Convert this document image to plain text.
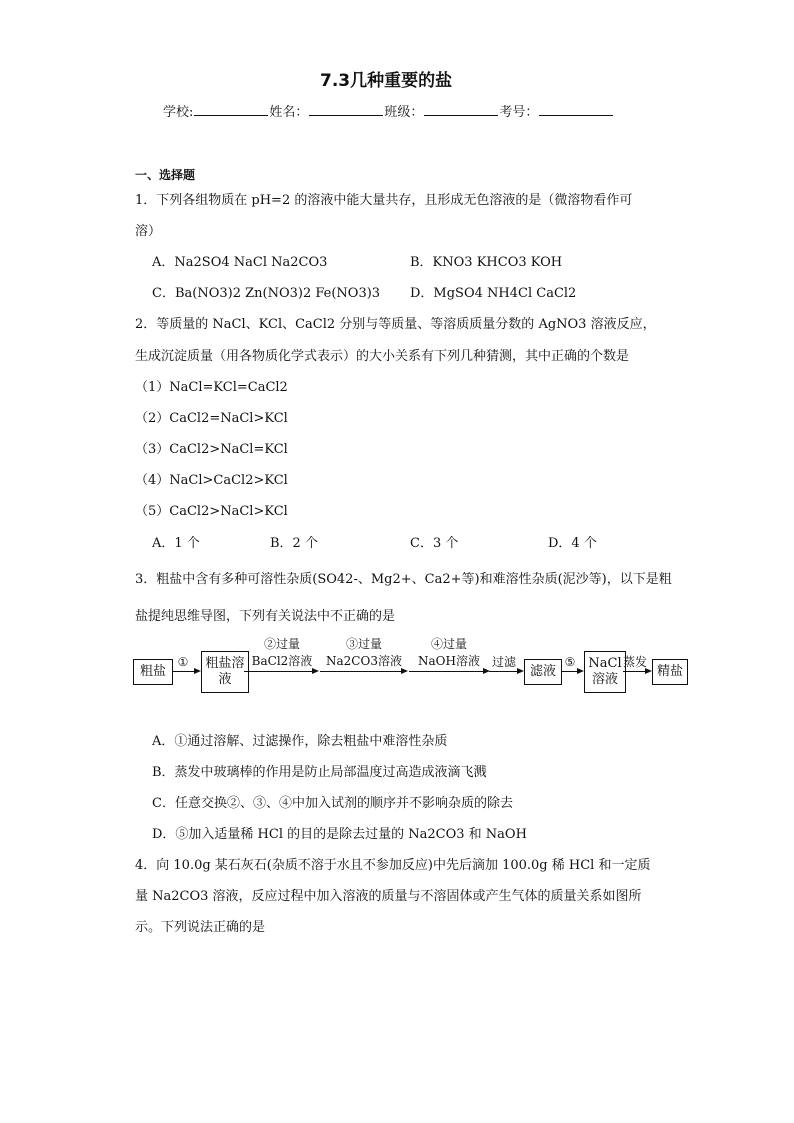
7.3几种重要的盐
学校:	姓名：	班级：	考号：
一、选择题
1．下列各组物质在 pH=2 的溶液中能大量共存，且形成无色溶液的是（微溶物看作可
溶）
A．Na2SO4 NaCl Na2CO3	B．KNO3 KHCO3 KOH
C．Ba(NO3)2 Zn(NO3)2 Fe(NO3)3 D．MgSO4 NH4Cl CaCl2
2．等质量的 NaCl、KCl、CaCl2 分别与等质量、等溶质质量分数的 AgNO3 溶液反应，
生成沉淀质量（用各物质化学式表示）的大小关系有下列几种猜测，其中正确的个数是
（1）NaCl=KCl=CaCl2
（2）CaCl2=NaCl>KCl
（3）CaCl2>NaCl=KCl
（4）NaCl>CaCl2>KCl
（5）CaCl2>NaCl>KCl
A．1 个	B．2 个	C．3 个	D．4 个
3．粗盐中含有多种可溶性杂质(SO42-、Mg2+、Ca2+等)和难溶性杂质(泥沙等)，以下是粗
盐提纯思维导图，下列有关说法中不正确的是
粗盐
①	粗盐溶液
②过量
BaCl2溶液
③过量
Na2CO3溶液
④过量
NaOH溶液	过滤
滤液
⑤	NaCl溶液
蒸发
精盐
A．①通过溶解、过滤操作，除去粗盐中难溶性杂质
B．蒸发中玻璃棒的作用是防止局部温度过高造成液滴飞溅
C．任意交换②、③、④中加入试剂的顺序并不影响杂质的除去
D．⑤加入适量稀 HCl 的目的是除去过量的 Na2CO3 和 NaOH
4．向 10.0g 某石灰石(杂质不溶于水且不参加反应)中先后滴加 100.0g 稀 HCl 和一定质
量 Na2CO3 溶液，反应过程中加入溶液的质量与不溶固体或产生气体的质量关系如图所
示。下列说法正确的是
